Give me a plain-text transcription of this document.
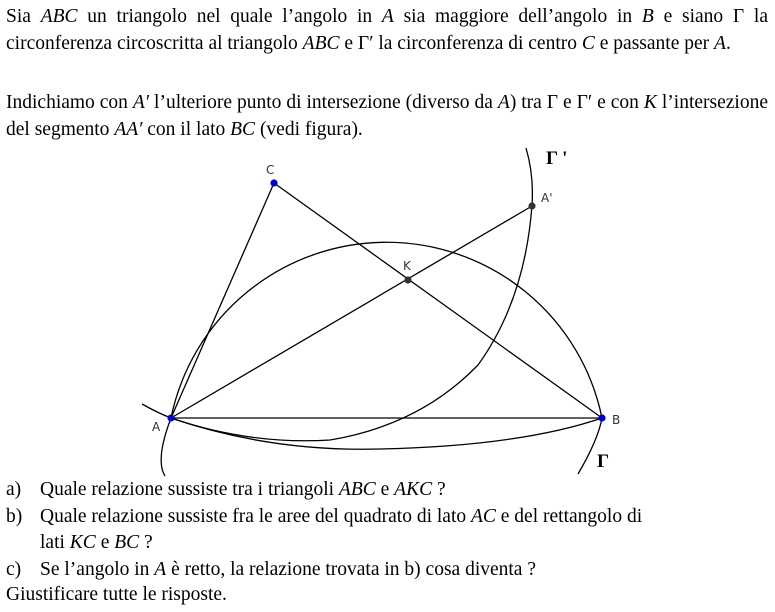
Sia ABC un triangolo nel quale l’angolo in A sia maggiore dell’angolo in B e siano Γ la circonferenza circoscritta al triangolo ABC e Γ′ la circonferenza di centro C e passante per A.

Indichiamo con A′ l’ulteriore punto di intersezione (diverso da A) tra Γ e Γ′ e con K l’intersezione del segmento AA′ con il lato BC (vedi figura).

A	B
C
K
A'
Γ '
Γ
a) Quale relazione sussiste tra i triangoli ABC e AKC ?
b) Quale relazione sussiste fra le aree del quadrato di lato AC e del rettangolo di
lati KC e BC ?
c) Se l’angolo in A è retto, la relazione trovata in b) cosa diventa ?
Giustificare tutte le risposte.
